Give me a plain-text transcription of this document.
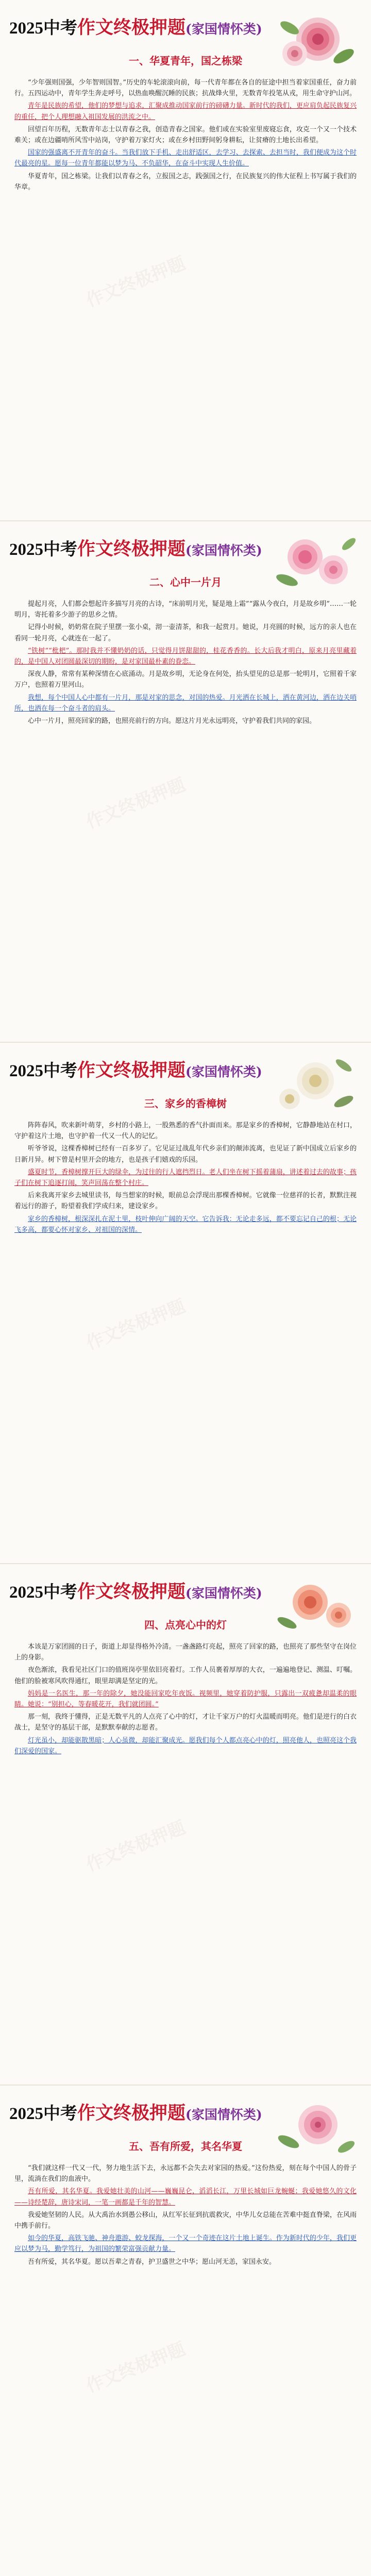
2025中考作文终极押题(家国情怀类)
一、华夏青年，国之栋梁

“少年强则国强，少年智则国智。”历史的车轮滚滚向前，每一代青年都在各自的征途中担当着家国重任，奋力前行。五四运动中，青年学生奔走呼号，以热血唤醒沉睡的民族；抗战烽火里，无数青年投笔从戎，用生命守护山河。

青年是民族的希望，他们的梦想与追求，汇聚成推动国家前行的磅礴力量。新时代的我们，更应肩负起民族复兴的重任，把个人理想融入祖国发展的洪流之中。

回望百年历程，无数青年志士以青春之我，创造青春之国家。他们或在实验室里废寝忘食，攻克一个又一个技术难关；或在边疆哨所风雪中站岗，守护着万家灯火；或在乡村田野间躬身耕耘，让贫瘠的土地长出希望。

国家的强盛离不开青年的奋斗。当我们放下手机、走出舒适区，去学习、去探索、去担当时，我们便成为这个时代最亮的星。愿每一位青年都能以梦为马、不负韶华，在奋斗中实现人生价值。

华夏青年，国之栋梁。让我们以青春之名，立报国之志，践强国之行，在民族复兴的伟大征程上书写属于我们的华章。

作文终极押题
2025中考作文终极押题(家国情怀类)
二、心中一片月

提起月亮，人们都会想起许多描写月亮的古诗，“床前明月光，疑是地上霜”“露从今夜白，月是故乡明”……一轮明月，寄托着多少游子的思乡之情。

记得小时候，奶奶常在院子里摆一张小桌，沏一壶清茶，和我一起赏月。她说，月亮圆的时候，远方的亲人也在看同一轮月亮，心就连在一起了。

“铁树”“枇杷”。那时我并不懂奶奶的话，只觉得月饼甜甜的，桂花香香的。长大后我才明白，原来月亮里藏着的，是中国人对团圆最深切的期盼，是对家国最朴素的眷恋。

深夜人静，常常有某种深情在心底涌动。月是故乡明，无论身在何处，抬头望见的总是那一轮明月，它照着千家万户，也照着万里河山。

我想，每个中国人心中都有一片月，那是对家的思念，对国的热爱。月光洒在长城上，洒在黄河边，洒在边关哨所，也洒在每一个奋斗者的肩头。

心中一片月，照亮回家的路，也照亮前行的方向。愿这片月光永远明亮，守护着我们共同的家园。

作文终极押题
2025中考作文终极押题(家国情怀类)
三、家乡的香樟树

阵阵春风，吹来新叶萌芽，乡村的小路上，一股熟悉的香气扑面而来。那是家乡的香樟树，它静静地站在村口，守护着这片土地，也守护着一代又一代人的记忆。

听爷爷说，这棵香樟树已经有一百多岁了。它见证过战乱年代乡亲们的颠沛流离，也见证了新中国成立后家乡的日新月异。树下曾是村里开会的地方，也是孩子们嬉戏的乐园。

盛夏时节，香樟树撑开巨大的绿伞，为过往的行人遮挡烈日。老人们坐在树下摇着蒲扇，讲述着过去的故事；孩子们在树下追逐打闹，笑声回荡在整个村庄。

后来我离开家乡去城里读书，每当想家的时候，眼前总会浮现出那棵香樟树。它就像一位慈祥的长者，默默注视着远行的游子，盼望着我们学成归来，建设家乡。

家乡的香樟树，根深深扎在泥土里，枝叶伸向广阔的天空。它告诉我：无论走多远，都不要忘记自己的根；无论飞多高，都要心怀对家乡、对祖国的深情。

作文终极押题
2025中考作文终极押题(家国情怀类)
四、点亮心中的灯

本该是万家团圆的日子，街道上却显得格外冷清。一盏盏路灯亮起，照亮了回家的路，也照亮了那些坚守在岗位上的身影。

夜色渐浓，我看见社区门口的值班岗亭里依旧亮着灯。工作人员裹着厚厚的大衣，一遍遍地登记、测温、叮嘱。他们的脸被寒风吹得通红，眼里却满是坚定的光。

妈妈是一名医生，那一年的除夕，她没能回家吃年夜饭。视频里，她穿着防护服，只露出一双疲惫却温柔的眼睛。她说：“别担心，等春暖花开，我们就团圆。”

那一刻，我终于懂得，正是无数平凡的人点亮了心中的灯，才让千家万户的灯火温暖而明亮。他们是逆行的白衣战士，是坚守的基层干部，是默默奉献的志愿者。

灯光虽小，却能驱散黑暗；人心虽微，却能汇聚成光。愿我们每个人都点亮心中的灯，照亮他人，也照亮这个我们深爱的国家。

作文终极押题
2025中考作文终极押题(家国情怀类)
五、吾有所爱，其名华夏

“我们就这样一代又一代，努力地生活下去，永远都不会失去对家园的热爱。”这份热爱，刻在每个中国人的骨子里，流淌在我们的血液中。

吾有所爱，其名华夏。我爱她壮美的山河——巍巍昆仑，滔滔长江，万里长城如巨龙蜿蜒；我爱她悠久的文化——诗经楚辞，唐诗宋词，一笔一画都是千年的智慧。

我爱她坚韧的人民。从大禹治水到愚公移山，从红军长征到抗震救灾，中华儿女总能在苦难中挺直脊梁，在风雨中携手前行。

如今的华夏，高铁飞驰、神舟遨游、蛟龙探海，一个又一个奇迹在这片土地上诞生。作为新时代的少年，我们更应以梦为马，勤学笃行，为祖国的繁荣富强贡献力量。

吾有所爱，其名华夏。愿以吾辈之青春，护卫盛世之中华；愿山河无恙，家国永安。

作文终极押题
